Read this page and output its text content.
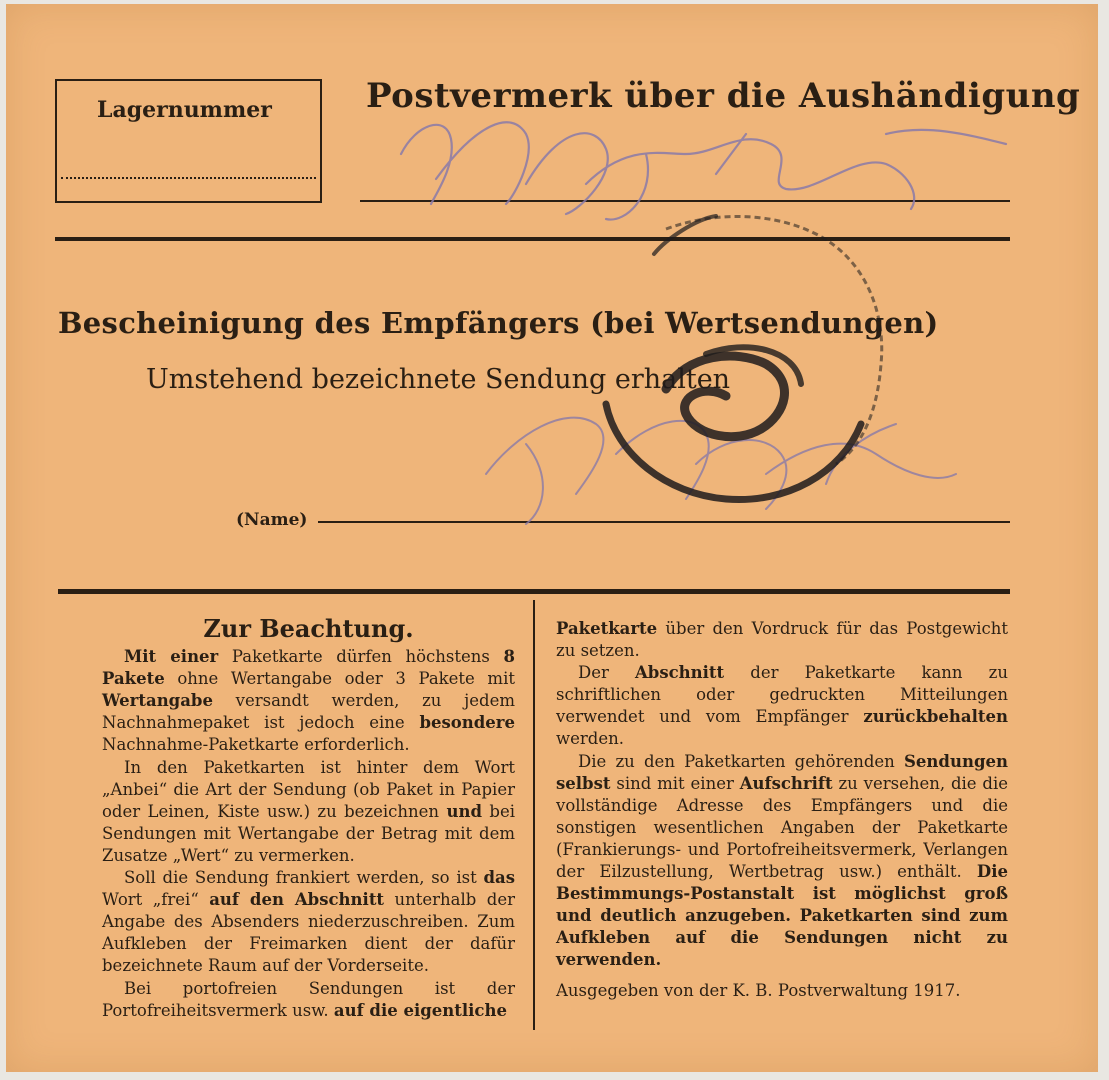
Lagernummer	Postvermerk über die Aushändigung
Bescheinigung des Empfängers (bei Wertsendungen)
Umstehend bezeichnete Sendung erhalten
(Name)
Zur Beachtung.

Mit einer Paketkarte dürfen höchstens 8 Pakete ohne Wertangabe oder 3 Pakete mit Wertangabe versandt werden, zu jedem Nachnahmepaket ist jedoch eine besondere Nachnahme-Paketkarte erforderlich.

In den Paketkarten ist hinter dem Wort „Anbei“ die Art der Sendung (ob Paket in Papier oder Leinen, Kiste usw.) zu bezeichnen und bei Sendungen mit Wertangabe der Betrag mit dem Zusatze „Wert“ zu vermerken.

Soll die Sendung frankiert werden, so ist das Wort „frei“ auf den Abschnitt unterhalb der Angabe des Absenders niederzuschreiben. Zum Aufkleben der Freimarken dient der dafür bezeichnete Raum auf der Vorderseite.

Bei portofreien Sendungen ist der Portofreiheitsvermerk usw. auf die eigentliche

Paketkarte über den Vordruck für das Postgewicht zu setzen.

Der Abschnitt der Paketkarte kann zu schriftlichen oder gedruckten Mitteilungen verwendet und vom Empfänger zurückbehalten werden.

Die zu den Paketkarten gehörenden Sendungen selbst sind mit einer Aufschrift zu versehen, die die vollständige Adresse des Empfängers und die sonstigen wesentlichen Angaben der Paketkarte (Frankierungs- und Portofreiheitsvermerk, Verlangen der Eilzustellung, Wertbetrag usw.) enthält. Die Bestimmungs-Postanstalt ist möglichst groß und deutlich anzugeben. Paketkarten sind zum Aufkleben auf die Sendungen nicht zu verwenden.

Ausgegeben von der K. B. Postverwaltung 1917.
